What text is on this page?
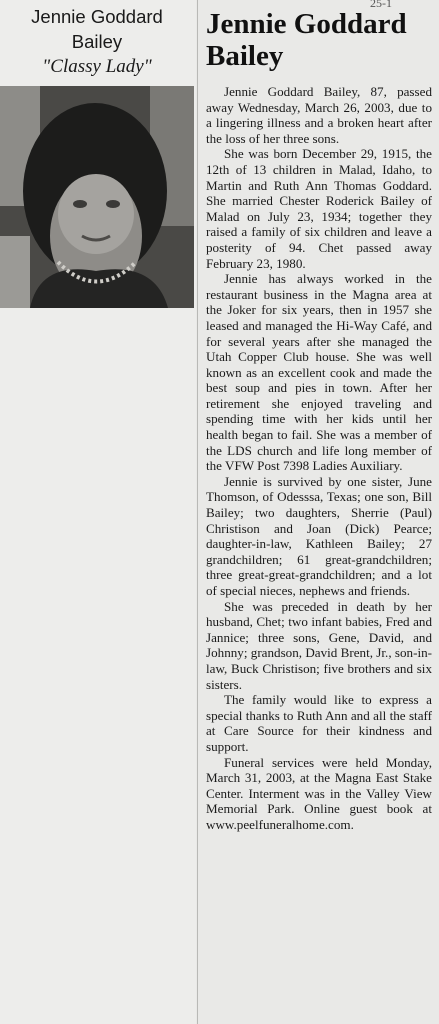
Jennie Goddard
Bailey
"Classy Lady"
25-1
Jennie Goddard
Bailey

Jennie Goddard Bailey, 87, passed away Wednesday, March 26, 2003, due to a lingering illness and a broken heart after the loss of her three sons.

She was born December 29, 1915, the 12th of 13 children in Malad, Idaho, to Martin and Ruth Ann Thomas Goddard. She married Chester Roderick Bailey of Malad on July 23, 1934; together they raised a family of six children and leave a posterity of 94. Chet passed away February 23, 1980.

Jennie has always worked in the restaurant business in the Magna area at the Joker for six years, then in 1957 she leased and managed the Hi-Way Café, and for several years after she managed the Utah Copper Club house. She was well known as an excellent cook and made the best soup and pies in town. After her retirement she enjoyed traveling and spending time with her kids until her health began to fail. She was a member of the LDS church and life long member of the VFW Post 7398 Ladies Auxiliary.

Jennie is survived by one sister, June Thomson, of Odesssa, Texas; one son, Bill Bailey; two daughters, Sherrie (Paul) Christison and Joan (Dick) Pearce; daughter-in-law, Kathleen Bailey; 27 grandchildren; 61 great-grandchildren; three great-great-grandchildren; and a lot of special nieces, nephews and friends.

She was preceded in death by her husband, Chet; two infant babies, Fred and Jannice; three sons, Gene, David, and Johnny; grandson, David Brent, Jr., son-in-law, Buck Christison; five brothers and six sisters.

The family would like to express a special thanks to Ruth Ann and all the staff at Care Source for their kindness and support.

Funeral services were held Monday, March 31, 2003, at the Magna East Stake Center. Interment was in the Valley View Memorial Park. Online guest book at www.peelfuneralhome.com.
